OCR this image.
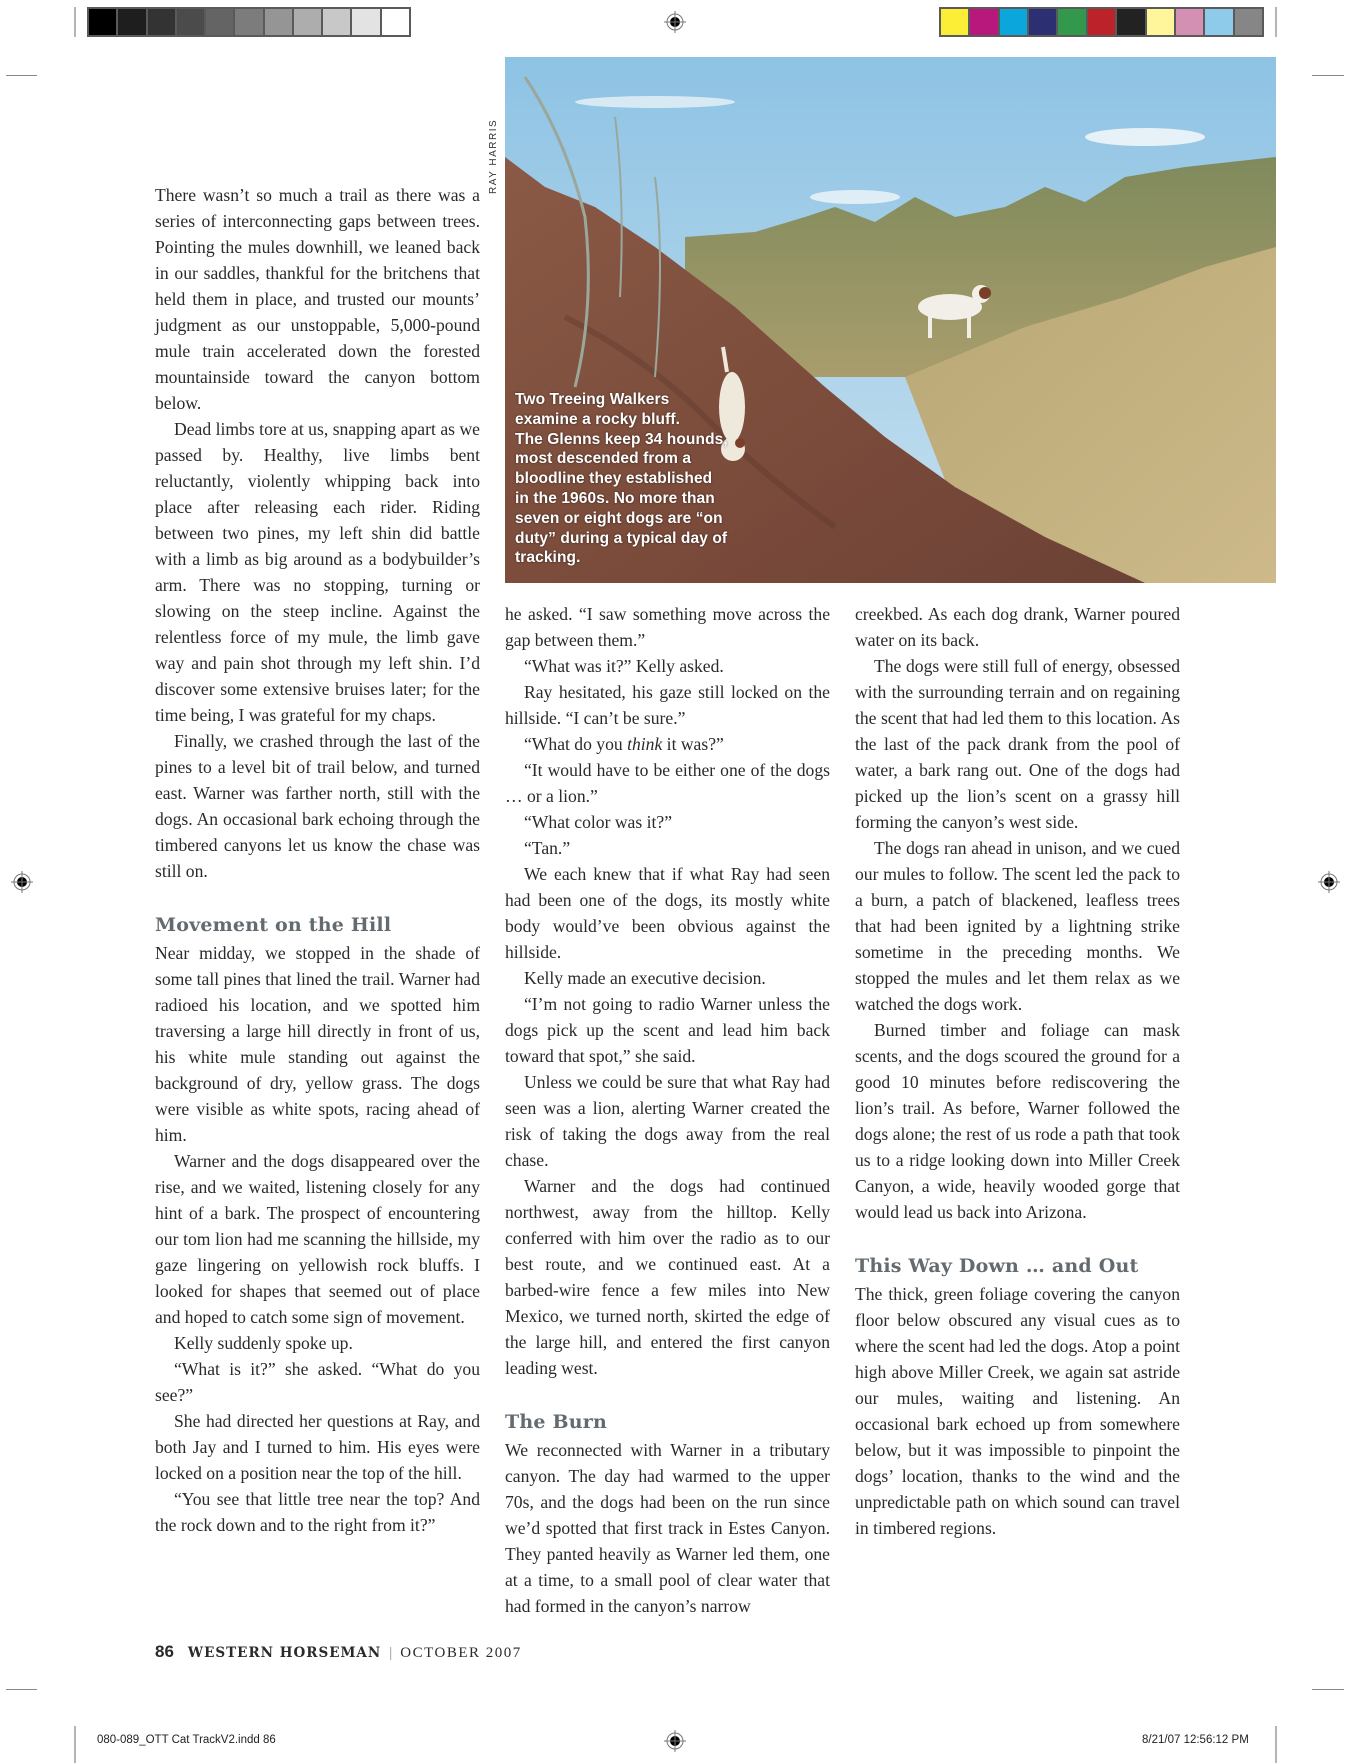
RAY HARRIS
Two Treeing Walkers
examine a rocky bluff.
The Glenns keep 34 hounds,
most descended from a
bloodline they established
in the 1960s. No more than
seven or eight dogs are “on
duty” during a typical day of
tracking.

There wasn’t so much a trail as there was a series of interconnecting gaps between trees. Pointing the mules downhill, we leaned back in our saddles, thankful for the britchens that held them in place, and trusted our mounts’ judgment as our unstoppable, 5,000-pound mule train accelerated down the forested mountainside toward the canyon bottom below.

Dead limbs tore at us, snapping apart as we passed by. Healthy, live limbs bent reluctantly, violently whipping back into place after releasing each rider. Riding between two pines, my left shin did battle with a limb as big around as a bodybuilder’s arm. There was no stopping, turning or slowing on the steep incline. Against the relentless force of my mule, the limb gave way and pain shot through my left shin. I’d discover some extensive bruises later; for the time being, I was grateful for my chaps.

Finally, we crashed through the last of the pines to a level bit of trail below, and turned east. Warner was farther north, still with the dogs. An occasional bark echoing through the timbered canyons let us know the chase was still on.

Movement on the Hill

Near midday, we stopped in the shade of some tall pines that lined the trail. Warner had radioed his location, and we spotted him traversing a large hill directly in front of us, his white mule standing out against the background of dry, yellow grass. The dogs were visible as white spots, racing ahead of him.

Warner and the dogs disappeared over the rise, and we waited, listening closely for any hint of a bark. The prospect of encountering our tom lion had me scanning the hillside, my gaze lingering on yellowish rock bluffs. I looked for shapes that seemed out of place and hoped to catch some sign of movement.

Kelly suddenly spoke up.

“What is it?” she asked. “What do you see?”

She had directed her questions at Ray, and both Jay and I turned to him. His eyes were locked on a position near the top of the hill.

“You see that little tree near the top? And the rock down and to the right from it?”

he asked. “I saw something move across the gap between them.”

“What was it?” Kelly asked.

Ray hesitated, his gaze still locked on the hillside. “I can’t be sure.”

“What do you think it was?”

“It would have to be either one of the dogs … or a lion.”

“What color was it?”

“Tan.”

We each knew that if what Ray had seen had been one of the dogs, its mostly white body would’ve been obvious against the hillside.

Kelly made an executive decision.

“I’m not going to radio Warner unless the dogs pick up the scent and lead him back toward that spot,” she said.

Unless we could be sure that what Ray had seen was a lion, alerting Warner created the risk of taking the dogs away from the real chase.

Warner and the dogs had continued northwest, away from the hilltop. Kelly conferred with him over the radio as to our best route, and we continued east. At a barbed-wire fence a few miles into New Mexico, we turned north, skirted the edge of the large hill, and entered the first canyon leading west.

The Burn

We reconnected with Warner in a tributary canyon. The day had warmed to the upper 70s, and the dogs had been on the run since we’d spotted that first track in Estes Canyon. They panted heavily as Warner led them, one at a time, to a small pool of clear water that had formed in the canyon’s narrow

creekbed. As each dog drank, Warner poured water on its back.

The dogs were still full of energy, obsessed with the surrounding terrain and on regaining the scent that had led them to this location. As the last of the pack drank from the pool of water, a bark rang out. One of the dogs had picked up the lion’s scent on a grassy hill forming the canyon’s west side.

The dogs ran ahead in unison, and we cued our mules to follow. The scent led the pack to a burn, a patch of blackened, leafless trees that had been ignited by a lightning strike sometime in the preceding months. We stopped the mules and let them relax as we watched the dogs work.

Burned timber and foliage can mask scents, and the dogs scoured the ground for a good 10 minutes before rediscovering the lion’s trail. As before, Warner followed the dogs alone; the rest of us rode a path that took us to a ridge looking down into Miller Creek Canyon, a wide, heavily wooded gorge that would lead us back into Arizona.

This Way Down … and Out

The thick, green foliage covering the canyon floor below obscured any visual cues as to where the scent had led the dogs. Atop a point high above Miller Creek, we again sat astride our mules, waiting and listening. An occasional bark echoed up from somewhere below, but it was impossible to pinpoint the dogs’ location, thanks to the wind and the unpredictable path on which sound can travel in timbered regions.

86 WESTERN HORSEMAN | OCTOBER 2007
080-089_OTT Cat TrackV2.indd 86	8/21/07 12:56:12 PM
